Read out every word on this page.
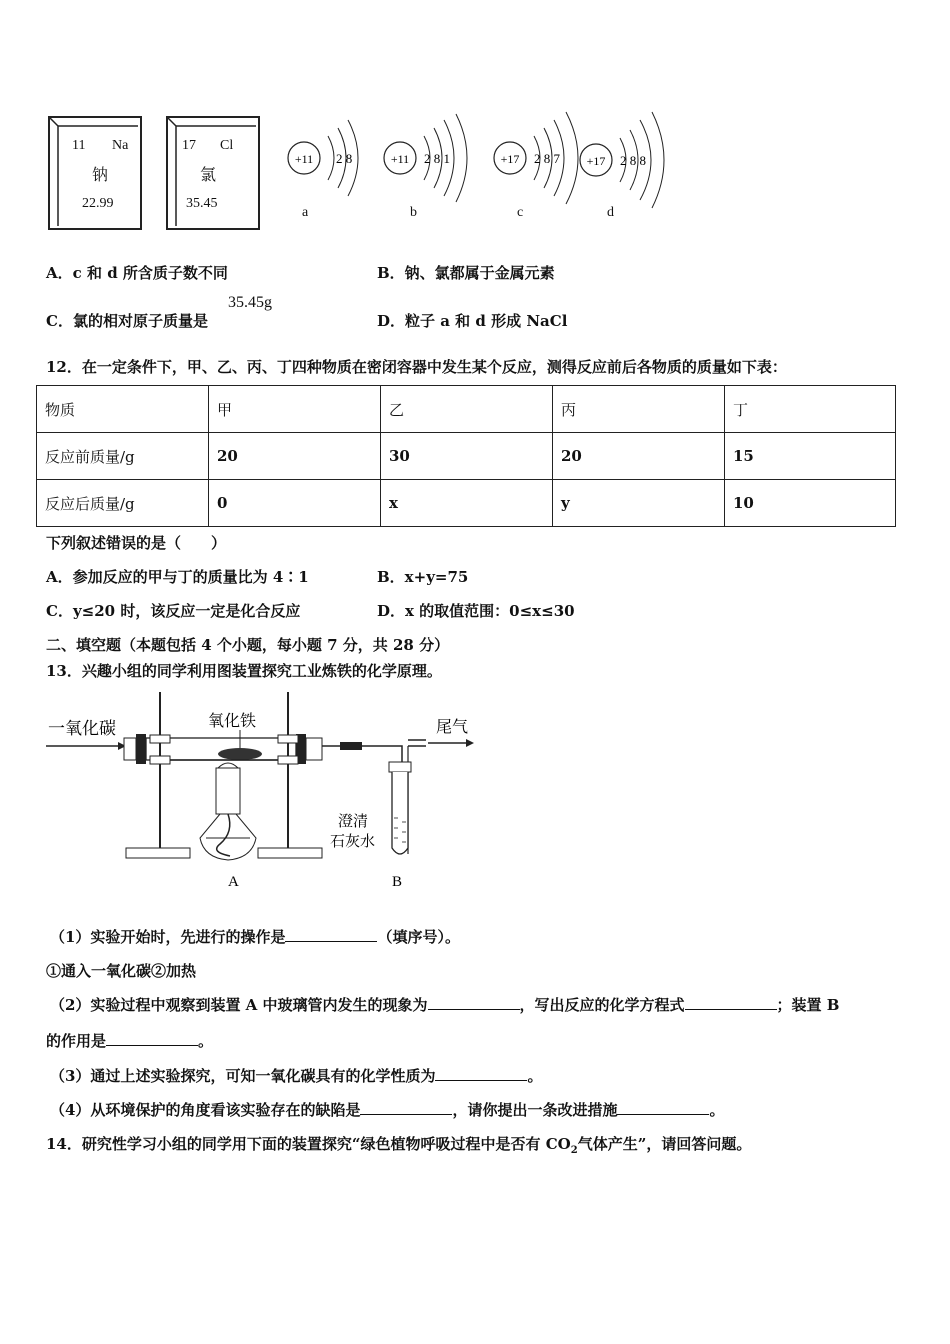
11 Na
钠
22.99
17 Cl
氯
35.45
+11 2 8	+11 2 8 1	+17 2 8 7 +17 2 8 8
a	b	c	d
A．c 和 d 所含质子数不同	B．钠、氯都属于金属元素
C．氯的相对原子质量是
35.45g
D．粒子 a 和 d 形成 NaCl
12．在一定条件下，甲、乙、丙、丁四种物质在密闭容器中发生某个反应，测得反应前后各物质的质量如下表：
物质	甲	乙	丙	丁
反应前质量/g	20	30	20	15
反应后质量/g	0	x	y	10
下列叙述错误的是（　　）
A．参加反应的甲与丁的质量比为 4∶1	B．x+y=75
C．y≤20 时，该反应一定是化合反应	D．x 的取值范围：0≤x≤30
二、填空题（本题包括 4 个小题，每小题 7 分，共 28 分）
13．兴趣小组的同学利用图装置探究工业炼铁的化学原理。
一氧化碳	氧化铁	尾气
澄清
石灰水
A	B
（1）实验开始时，先进行的操作是	（填序号）。
①通入一氧化碳②加热
（2）实验过程中观察到装置 A 中玻璃管内发生的现象为	，写出反应的化学方程式	；装置 B
的作用是	。
（3）通过上述实验探究，可知一氧化碳具有的化学性质为	。
（4）从环境保护的角度看该实验存在的缺陷是	，请你提出一条改进措施	。
14．研究性学习小组的同学用下面的装置探究“绿色植物呼吸过程中是否有 $CO_2$气体产生”，请回答问题。
